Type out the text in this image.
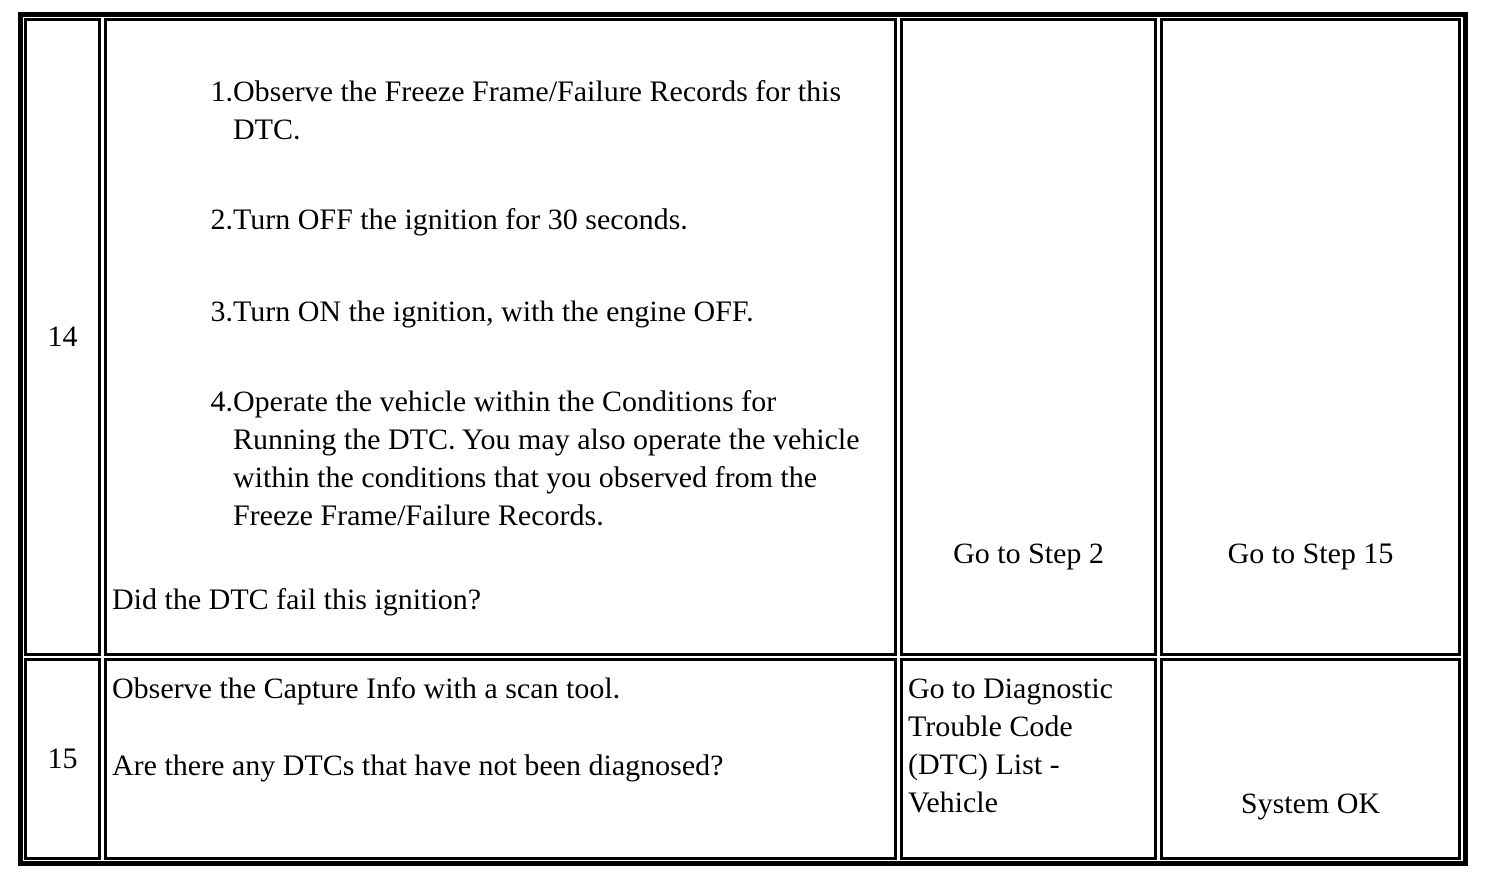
14
1. Observe the Freeze Frame/Failure Records for this DTC.
2. Turn OFF the ignition for 30 seconds.
3. Turn ON the ignition, with the engine OFF.
4. Operate the vehicle within the Conditions for Running the DTC. You may also operate the vehicle within the conditions that you observed from the Freeze Frame/Failure Records.
Did the DTC fail this ignition?
Go to Step 2	Go to Step 15
15
Observe the Capture Info with a scan tool.
Are there any DTCs that have not been diagnosed?
Go to Diagnostic Trouble Code (DTC) List - Vehicle	System OK
